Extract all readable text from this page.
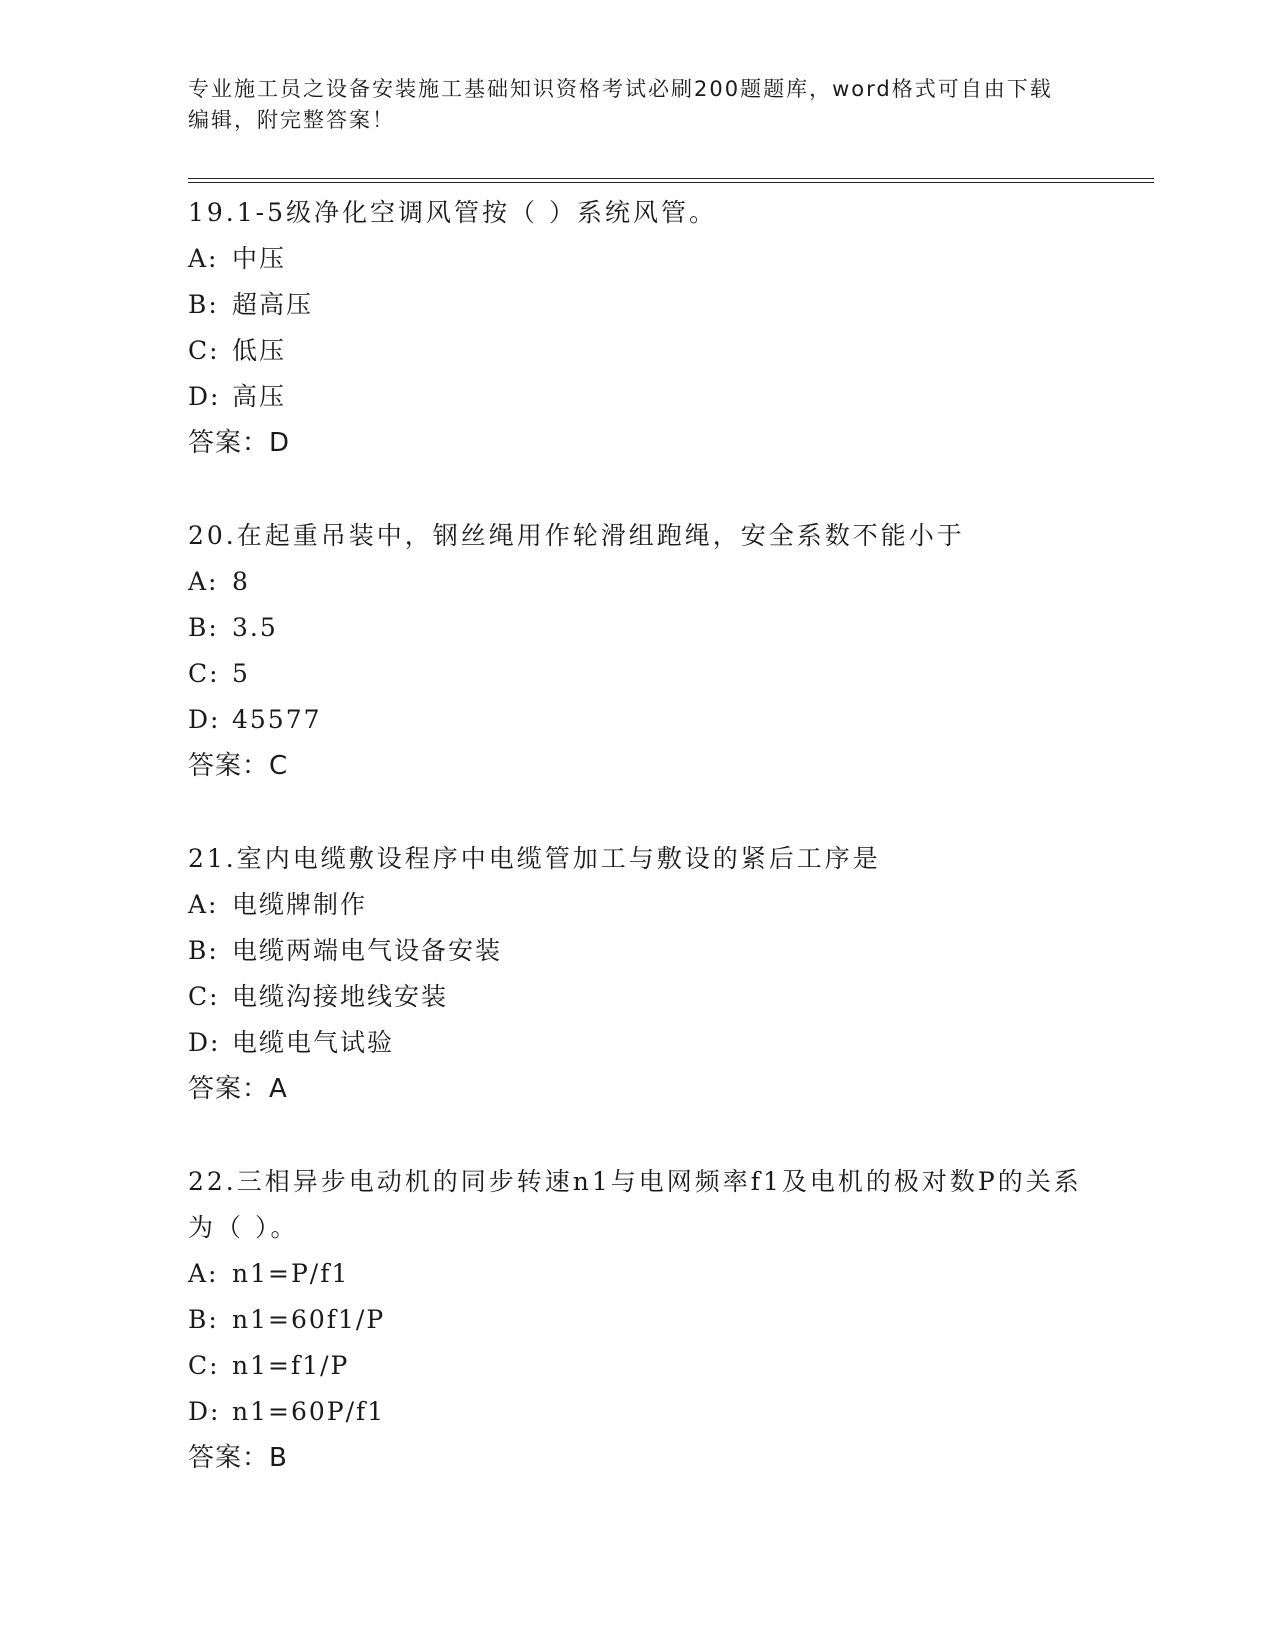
专业施工员之设备安装施工基础知识资格考试必刷200题题库，word格式可自由下载编辑，附完整答案！

19.1-5级净化空调风管按（ ）系统风管。

A: 中压
B: 超高压
C: 低压
D: 高压
答案：D

20.在起重吊装中，钢丝绳用作轮滑组跑绳，安全系数不能小于

A: 8
B: 3.5
C: 5
D: 45577
答案：C

21.室内电缆敷设程序中电缆管加工与敷设的紧后工序是

A: 电缆牌制作
B: 电缆两端电气设备安装
C: 电缆沟接地线安装
D: 电缆电气试验
答案：A

22.三相异步电动机的同步转速n1与电网频率f1及电机的极对数P的关系为（ ）。

A: n1=P/f1
B: n1=60f1/P
C: n1=f1/P
D: n1=60P/f1
答案：B
